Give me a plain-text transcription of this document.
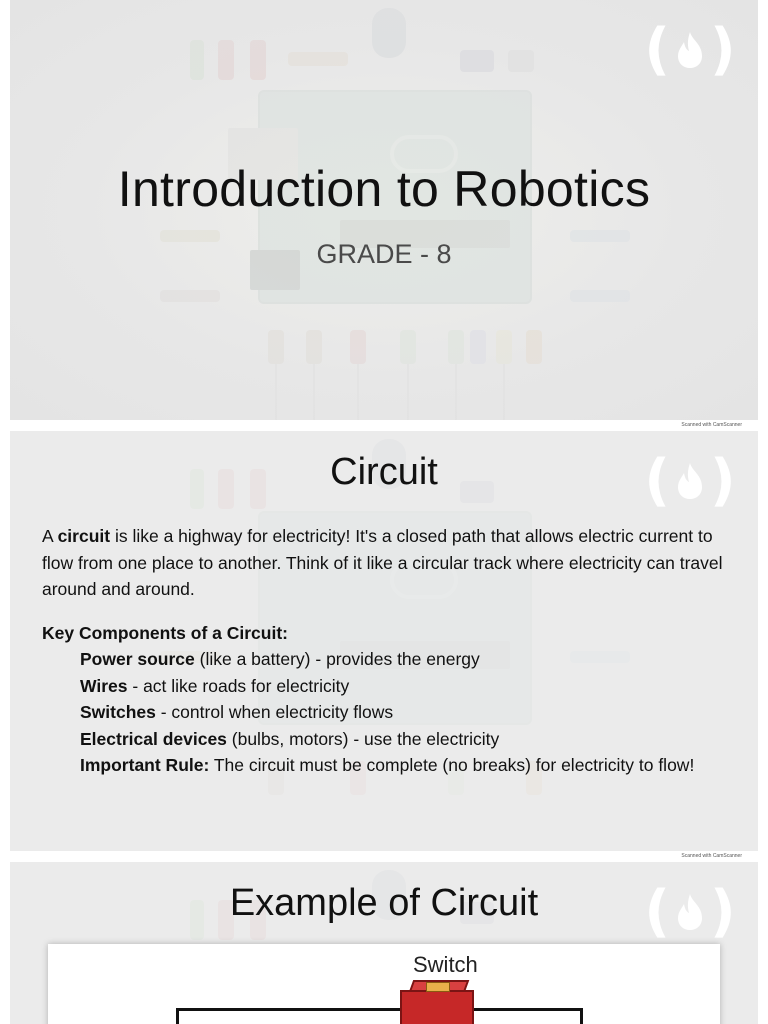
( )
Introduction to Robotics
GRADE - 8
Scanned with CamScanner
( )
Circuit

A circuit is like a highway for electricity! It's a closed path that allows electric current to flow from one place to another. Think of it like a circular track where electricity can travel around and around.

Key Components of a Circuit:

Power source (like a battery) - provides the energy
Wires - act like roads for electricity
Switches - control when electricity flows
Electrical devices (bulbs, motors) - use the electricity
Important Rule: The circuit must be complete (no breaks) for electricity to flow!
Scanned with CamScanner
( )
Example of Circuit
Switch
